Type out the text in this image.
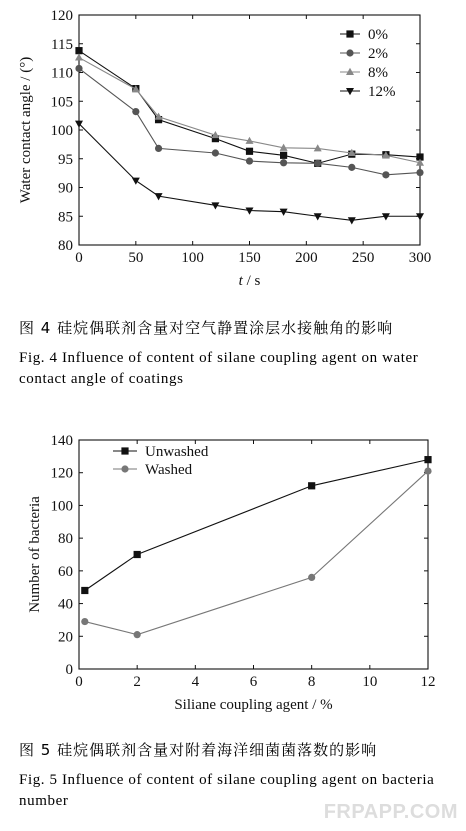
0	50	100 150 200 250 300
80
85
90
95
100
105
110
115
120
t / s
Water contact angle / (°)
0%
2%
8%
12%
图 4 硅烷偶联剂含量对空气静置涂层水接触角的影响
Fig. 4 Influence of content of silane coupling agent on water contact angle of coatings
0	2	4	6	8	10	12
0
20
40
60
80
100
120
140
Siliane coupling agent / %
Number of bacteria
Unwashed
Washed
图 5 硅烷偶联剂含量对附着海洋细菌菌落数的影响
Fig. 5 Influence of content of silane coupling agent on bacteria number	FRPAPP.COM
